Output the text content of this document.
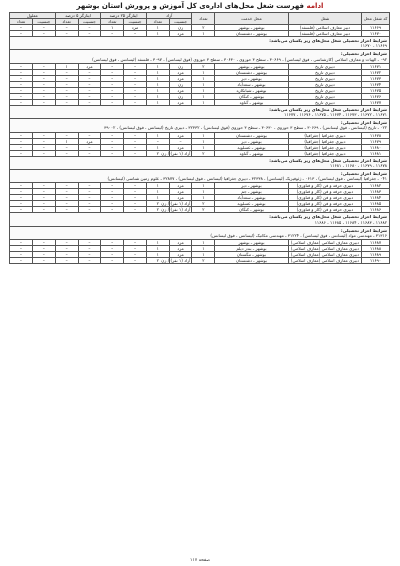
ادامه فهرست شغل محل‌های اداره‌ی کل آموزش و پرورش استان بوشهر
کد شغل محل	شغل	محل خدمت	تعداد	آزاد		ایثارگر ۲۵ درصد		ایثارگر ۵ درصد		معلول	
				جنسیت	تعداد	جنسیت	تعداد	جنسیت	تعداد	جنسیت	تعداد
۱۱۶۶۹	دبیر معارف اسلامی (فلسفه)	بوشهر ـ بوشهر	۲	زن	۱	مرد	۱	–	–	–	–
۱۱۶۷۰	دبیر معارف اسلامی (فلسفه)	بوشهر ـ دشتستان	۱	مرد	۱	–	–	–	–	–	–
شرایط احراز تحصیلی شغل محل‌های زیر یکسان می‌باشد:
۱۱۶۶۹ ، ۱۱۶۷۰											
شرایط احراز تحصیلی:
۰۹۲ ـ الهیات و معارف اسلامی (کارشناسی ، فوق لیسانس) ، ۳۰۶۶۹ ـ سطح ۳ حوزوی ، ۳۰۶۳۰ ـ سطح ۳ حوزوی (فوق لیسانس) ، ۳۰۹۷ ـ فلسفه (لیسانس ، فوق لیسانس)											
۱۱۶۷۱	دبیری تاریخ	بوشهر ـ بوشهر	۲	زن	۱	–	–	مرد	۱	–	–
۱۱۶۷۲	دبیری تاریخ	بوشهر ـ دشتستان	۱	مرد	۱	–	–	–	–	–	–
۱۱۶۷۳	دبیری تاریخ	بوشهر ـ دیر	۱	مرد	۱	–	–	–	–	–	–
۱۱۶۷۴	دبیری تاریخ	بوشهر ـ سعدآباد	۱	زن	۱	–	–	–	–	–	–
۱۱۶۷۵	دبیری تاریخ	بوشهر ـ شبانکاره	۱	مرد	۱	–	–	–	–	–	–
۱۱۶۷۶	دبیری تاریخ	بوشهر ـ کنگان	۱	زن	۱	–	–	–	–	–	–
۱۱۶۷۷	دبیری تاریخ	بوشهر ـ گناوه	۱	مرد	۱	–	–	–	–	–	–
شرایط احراز تحصیلی شغل محل‌های زیر یکسان می‌باشد:
۱۱۶۷۱ ، ۱۱۶۷۲ ، ۱۱۶۷۳ ، ۱۱۶۷۴ ، ۱۱۶۷۵ ، ۱۱۶۷۶ ، ۱۱۶۷۷											
شرایط احراز تحصیلی:
۰۲۲ ـ تاریخ (لیسانس ، فوق لیسانس) ، ۳۰۶۶۹ ـ سطح ۳ حوزوی ، ۳۰۶۳۰ ـ سطح ۳ حوزوی (فوق لیسانس) ، ۳۲۳۳۲ ـ دبیری تاریخ (لیسانس ، فوق لیسانس) ، ۳۹۰۰۲											
۱۱۶۷۸	دبیری جغرافیا (جغرافیا)	بوشهر ـ دشتستان	۱	مرد	۱	–	–	–	–	–	–
۱۱۶۷۹	دبیری جغرافیا (جغرافیا)	بوشهر ـ دیر	۱	–	–	–	–	مرد	۱	–	–
۱۱۶۸۰	دبیری جغرافیا (جغرافیا)	بوشهر ـ عسلویه	۱	مرد	۱	–	–	–	–	–	–
۱۱۶۸۱	دبیری جغرافیا (جغرافیا)	بوشهر ـ گناوه	۲	آزاد (۱ نفر) / زن	۲	–	–	–	–	–	–
شرایط احراز تحصیلی شغل محل‌های زیر یکسان می‌باشد:
۱۱۶۷۸ ، ۱۱۶۷۹ ، ۱۱۶۸۰ ، ۱۱۶۸۱											
شرایط احراز تحصیلی:
۰۴۱ ـ جغرافیا (لیسانس ، فوق لیسانس) ، ۰۶۱۳ ـ ژئوفیزیک (لیسانس) ، ۳۲۳۳۸ ـ دبیری جغرافیا (لیسانس ، فوق لیسانس) ، ۳۲۸۷۷ ـ علوم زمین شناسی (لیسانس)											
۱۱۶۸۲	دبیری حرفه و فن (کار و فناوری)	بوشهر ـ دیر	۱	مرد	۱	–	–	–	–	–	–
۱۱۶۸۳	دبیری حرفه و فن (کار و فناوری)	بوشهر ـ جم	۱	مرد	۱	–	–	–	–	–	–
۱۱۶۸۴	دبیری حرفه و فن (کار و فناوری)	بوشهر ـ سعدآباد	۱	مرد	۱	–	–	–	–	–	–
۱۱۶۸۵	دبیری حرفه و فن (کار و فناوری)	بوشهر ـ عسلویه	۲	آزاد (۱ نفر) / زن	۲	–	–	–	–	–	–
۱۱۶۸۶	دبیری حرفه و فن (کار و فناوری)	بوشهر ـ کنگان	۲	آزاد (۱ نفر) / زن	۲	–	–	–	–	–	–
شرایط احراز تحصیلی شغل محل‌های زیر یکسان می‌باشد:
۱۱۶۸۲ ، ۱۱۶۸۳ ، ۱۱۶۸۴ ، ۱۱۶۸۵ ، ۱۱۶۸۶											
شرایط احراز تحصیلی:
۳۱۳۱۶ ـ مهندسی مواد (لیسانس ، فوق لیسانس) ، ۳۱۲۲۴ ـ مهندسی مکانیک (لیسانس ، فوق لیسانس)											
۱۱۶۸۷	دبیری معارف اسلامی (معارف اسلامی)	بوشهر ـ بوشهر	۱	مرد	۱	–	–	–	–	–	–
۱۱۶۸۸	دبیری معارف اسلامی (معارف اسلامی)	بوشهر ـ بندر دیلم	۱	مرد	۱	–	–	–	–	–	–
۱۱۶۸۹	دبیری معارف اسلامی (معارف اسلامی)	بوشهر ـ تنگستان	۱	مرد	۱	–	–	–	–	–	–
۱۱۶۹۰	دبیری معارف اسلامی (معارف اسلامی)	بوشهر ـ دشتستان	۲	آزاد (۱ نفر) / زن	۲	–	–	–	–	–	–
صفحه ۱۱۷
